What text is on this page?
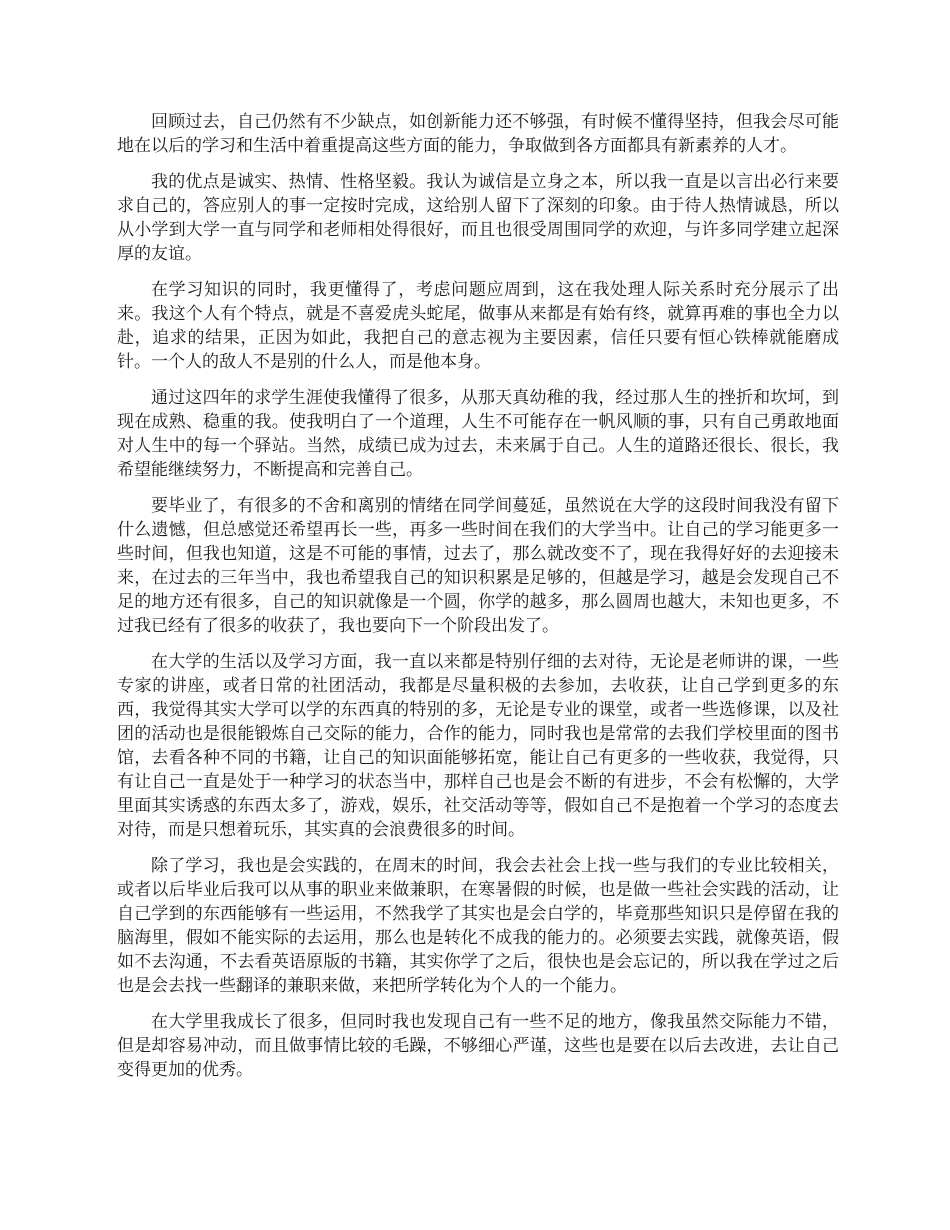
回顾过去，自己仍然有不少缺点，如创新能力还不够强，有时候不懂得坚持，但我会尽可能地在以后的学习和生活中着重提高这些方面的能力，争取做到各方面都具有新素养的人才。

我的优点是诚实、热情、性格坚毅。我认为诚信是立身之本，所以我一直是以言出必行来要求自己的，答应别人的事一定按时完成，这给别人留下了深刻的印象。由于待人热情诚恳，所以从小学到大学一直与同学和老师相处得很好，而且也很受周围同学的欢迎，与许多同学建立起深厚的友谊。

在学习知识的同时，我更懂得了，考虑问题应周到，这在我处理人际关系时充分展示了出来。我这个人有个特点，就是不喜爱虎头蛇尾，做事从来都是有始有终，就算再难的事也全力以赴，追求的结果，正因为如此，我把自己的意志视为主要因素，信任只要有恒心铁棒就能磨成针。一个人的敌人不是别的什么人，而是他本身。

通过这四年的求学生涯使我懂得了很多，从那天真幼稚的我，经过那人生的挫折和坎坷，到现在成熟、稳重的我。使我明白了一个道理，人生不可能存在一帆风顺的事，只有自己勇敢地面对人生中的每一个驿站。当然，成绩已成为过去，未来属于自己。人生的道路还很长、很长，我希望能继续努力，不断提高和完善自己。

要毕业了，有很多的不舍和离别的情绪在同学间蔓延，虽然说在大学的这段时间我没有留下什么遗憾，但总感觉还希望再长一些，再多一些时间在我们的大学当中。让自己的学习能更多一些时间，但我也知道，这是不可能的事情，过去了，那么就改变不了，现在我得好好的去迎接未来，在过去的三年当中，我也希望我自己的知识积累是足够的，但越是学习，越是会发现自己不足的地方还有很多，自己的知识就像是一个圆，你学的越多，那么圆周也越大，未知也更多，不过我已经有了很多的收获了，我也要向下一个阶段出发了。

在大学的生活以及学习方面，我一直以来都是特别仔细的去对待，无论是老师讲的课，一些专家的讲座，或者日常的社团活动，我都是尽量积极的去参加，去收获，让自己学到更多的东西，我觉得其实大学可以学的东西真的特别的多，无论是专业的课堂，或者一些选修课，以及社团的活动也是很能锻炼自己交际的能力，合作的能力，同时我也是常常的去我们学校里面的图书馆，去看各种不同的书籍，让自己的知识面能够拓宽，能让自己有更多的一些收获，我觉得，只有让自己一直是处于一种学习的状态当中，那样自己也是会不断的有进步，不会有松懈的，大学里面其实诱惑的东西太多了，游戏，娱乐，社交活动等等，假如自己不是抱着一个学习的态度去对待，而是只想着玩乐，其实真的会浪费很多的时间。

除了学习，我也是会实践的，在周末的时间，我会去社会上找一些与我们的专业比较相关，或者以后毕业后我可以从事的职业来做兼职，在寒暑假的时候，也是做一些社会实践的活动，让自己学到的东西能够有一些运用，不然我学了其实也是会白学的，毕竟那些知识只是停留在我的脑海里，假如不能实际的去运用，那么也是转化不成我的能力的。必须要去实践，就像英语，假如不去沟通，不去看英语原版的书籍，其实你学了之后，很快也是会忘记的，所以我在学过之后也是会去找一些翻译的兼职来做，来把所学转化为个人的一个能力。

在大学里我成长了很多，但同时我也发现自己有一些不足的地方，像我虽然交际能力不错，但是却容易冲动，而且做事情比较的毛躁，不够细心严谨，这些也是要在以后去改进，去让自己变得更加的优秀。
